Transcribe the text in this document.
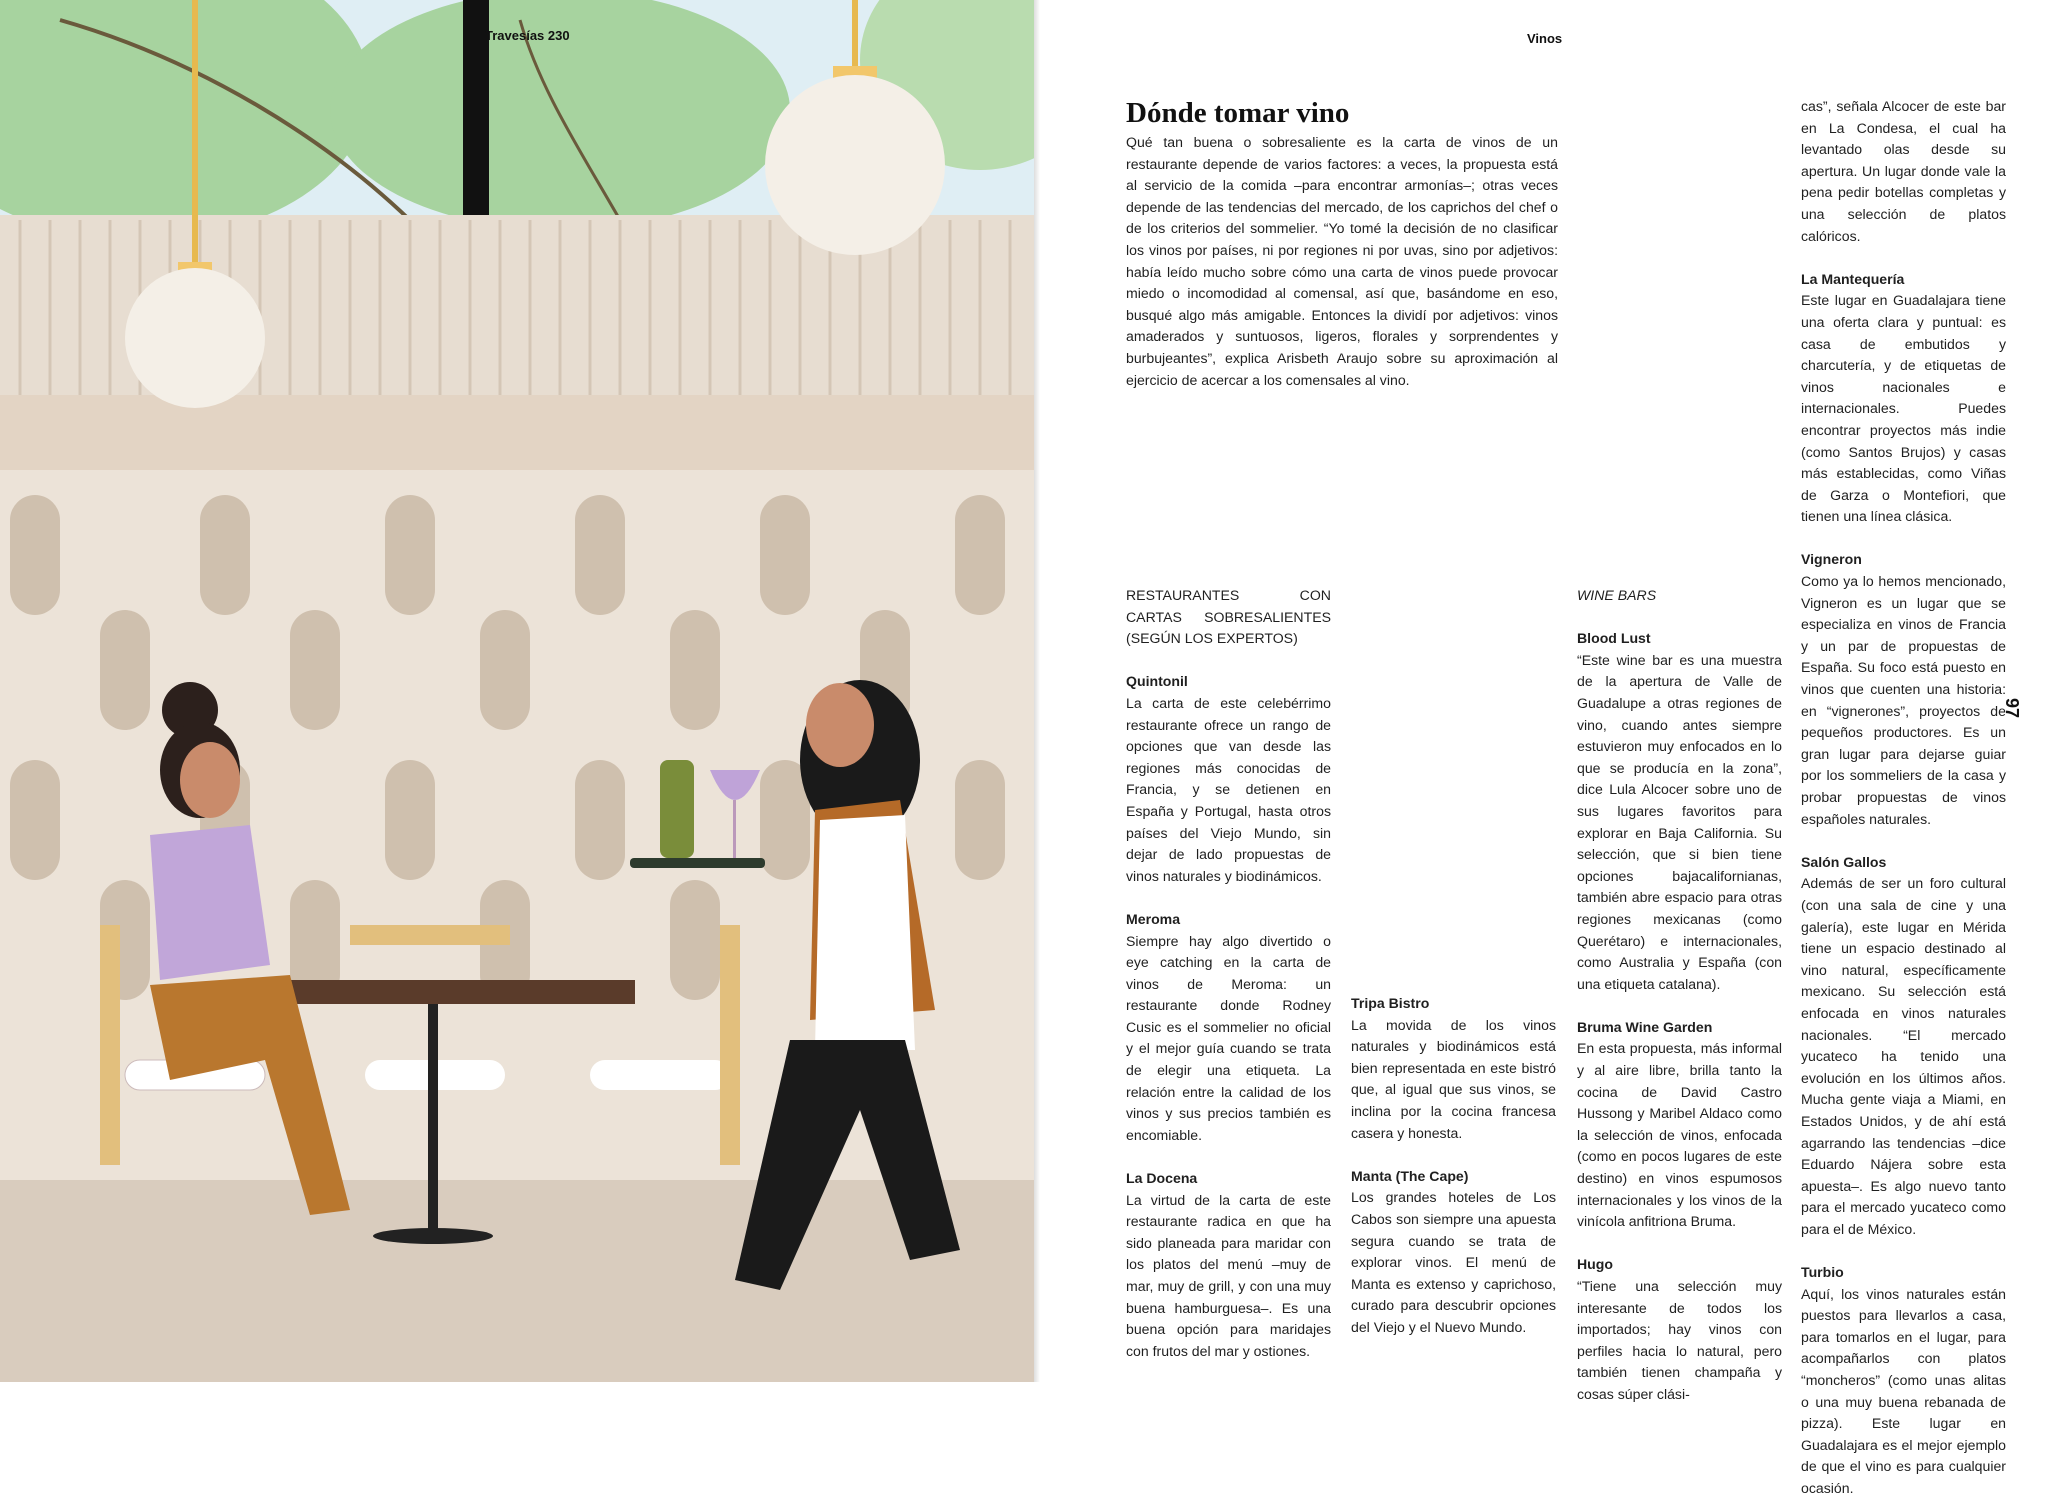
Travesías 230	Vinos
97
Dónde tomar vino

Qué tan buena o sobresaliente es la carta de vinos de un restaurante depende de varios factores: a veces, la propuesta está al servicio de la comida –para encontrar armonías–; otras veces depende de las tendencias del mercado, de los caprichos del chef o de los criterios del sommelier. “Yo tomé la decisión de no clasificar los vinos por países, ni por regiones ni por uvas, sino por adjetivos: había leído mucho sobre cómo una carta de vinos puede provocar miedo o incomodidad al comensal, así que, basándome en eso, busqué algo más amigable. Entonces la dividí por adjetivos: vinos amaderados y suntuosos, ligeros, florales y sorprendentes y burbujeantes”, explica Arisbeth Araujo sobre su aproximación al ejercicio de acercar a los comensales al vino.

RESTAURANTES CON CARTAS SOBRESALIENTES (SEGÚN LOS EXPERTOS)

Quintonil

La carta de este celebérrimo restaurante ofrece un rango de opciones que van desde las regiones más conocidas de Francia, y se detienen en España y Portugal, hasta otros países del Viejo Mundo, sin dejar de lado propuestas de vinos naturales y biodinámicos.

Meroma

Siempre hay algo divertido o eye catching en la carta de vinos de Meroma: un restaurante donde Rodney Cusic es el sommelier no oficial y el mejor guía cuando se trata de elegir una etiqueta. La relación entre la calidad de los vinos y sus precios también es encomiable.

La Docena

La virtud de la carta de este restaurante radica en que ha sido planeada para maridar con los platos del menú –muy de mar, muy de grill, y con una muy buena hamburguesa–. Es una buena opción para maridajes con frutos del mar y ostiones.

Tripa Bistro

La movida de los vinos naturales y biodinámicos está bien representada en este bistró que, al igual que sus vinos, se inclina por la cocina francesa casera y honesta.

Manta (The Cape)

Los grandes hoteles de Los Cabos son siempre una apuesta segura cuando se trata de explorar vinos. El menú de Manta es extenso y caprichoso, curado para descubrir opciones del Viejo y el Nuevo Mundo.

WINE BARS

Blood Lust

“Este wine bar es una muestra de la apertura de Valle de Guadalupe a otras regiones de vino, cuando antes siempre estuvieron muy enfocados en lo que se producía en la zona”, dice Lula Alcocer sobre uno de sus lugares favoritos para explorar en Baja California. Su selección, que si bien tiene opciones bajacalifornianas, también abre espacio para otras regiones mexicanas (como Querétaro) e internacionales, como Australia y España (con una etiqueta catalana).

Bruma Wine Garden

En esta propuesta, más informal y al aire libre, brilla tanto la cocina de David Castro Hussong y Maribel Aldaco como la selección de vinos, enfocada (como en pocos lugares de este destino) en vinos espumosos internacionales y los vinos de la vinícola anfitriona Bruma.

Hugo

“Tiene una selección muy interesante de todos los importados; hay vinos con perfiles hacia lo natural, pero también tienen champaña y cosas súper clási-

cas”, señala Alcocer de este bar en La Condesa, el cual ha levantado olas desde su apertura. Un lugar donde vale la pena pedir botellas completas y una selección de platos calóricos.

La Mantequería

Este lugar en Guadalajara tiene una oferta clara y puntual: es casa de embutidos y charcutería, y de etiquetas de vinos nacionales e internacionales. Puedes encontrar proyectos más indie (como Santos Brujos) y casas más establecidas, como Viñas de Garza o Montefiori, que tienen una línea clásica.

Vigneron

Como ya lo hemos mencionado, Vigneron es un lugar que se especializa en vinos de Francia y un par de propuestas de España. Su foco está puesto en vinos que cuenten una historia: en “vignerones”, proyectos de pequeños productores. Es un gran lugar para dejarse guiar por los sommeliers de la casa y probar propuestas de vinos españoles naturales.

Salón Gallos

Además de ser un foro cultural (con una sala de cine y una galería), este lugar en Mérida tiene un espacio destinado al vino natural, específicamente mexicano. Su selección está enfocada en vinos naturales nacionales. “El mercado yucateco ha tenido una evolución en los últimos años. Mucha gente viaja a Miami, en Estados Unidos, y de ahí está agarrando las tendencias –dice Eduardo Nájera sobre esta apuesta–. Es algo nuevo tanto para el mercado yucateco como para el de México.

Turbio

Aquí, los vinos naturales están puestos para llevarlos a casa, para tomarlos en el lugar, para acompañarlos con platos “moncheros” (como unas alitas o una muy buena rebanada de pizza). Este lugar en Guadalajara es el mejor ejemplo de que el vino es para cualquier ocasión.
